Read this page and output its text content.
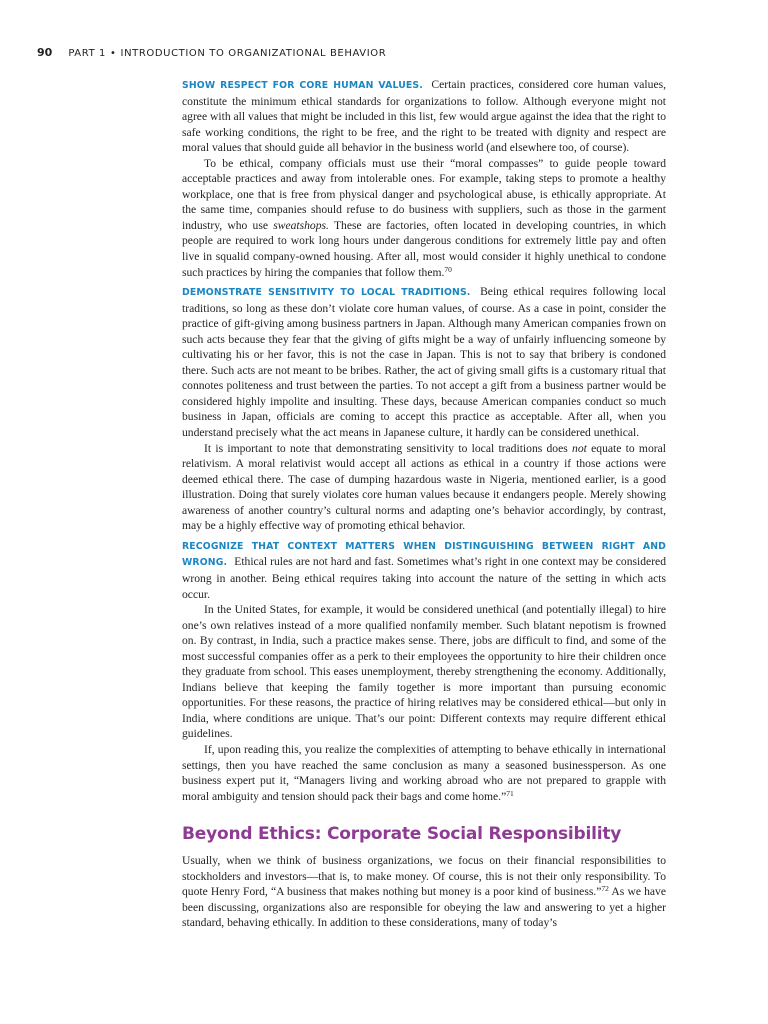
90 PART 1 • INTRODUCTION TO ORGANIZATIONAL BEHAVIOR

SHOW RESPECT FOR CORE HUMAN VALUES. Certain practices, considered core human values, constitute the minimum ethical standards for organizations to follow. Although everyone might not agree with all values that might be included in this list, few would argue against the idea that the right to safe working conditions, the right to be free, and the right to be treated with dignity and respect are moral values that should guide all behavior in the business world (and elsewhere too, of course).

To be ethical, company officials must use their “moral compasses” to guide people toward acceptable practices and away from intolerable ones. For example, taking steps to promote a healthy workplace, one that is free from physical danger and psychological abuse, is ethically appropriate. At the same time, companies should refuse to do business with suppliers, such as those in the garment industry, who use sweatshops. These are factories, often located in developing countries, in which people are required to work long hours under dangerous conditions for extremely little pay and often live in squalid company-owned housing. After all, most would consider it highly unethical to condone such practices by hiring the companies that follow them.$^{70}$

DEMONSTRATE SENSITIVITY TO LOCAL TRADITIONS. Being ethical requires following local traditions, so long as these don’t violate core human values, of course. As a case in point, consider the practice of gift-giving among business partners in Japan. Although many American companies frown on such acts because they fear that the giving of gifts might be a way of unfairly influencing someone by cultivating his or her favor, this is not the case in Japan. This is not to say that bribery is condoned there. Such acts are not meant to be bribes. Rather, the act of giving small gifts is a customary ritual that connotes politeness and trust between the parties. To not accept a gift from a business partner would be considered highly impolite and insulting. These days, because American companies conduct so much business in Japan, officials are coming to accept this practice as acceptable. After all, when you understand precisely what the act means in Japanese culture, it hardly can be considered unethical.

It is important to note that demonstrating sensitivity to local traditions does not equate to moral relativism. A moral relativist would accept all actions as ethical in a country if those actions were deemed ethical there. The case of dumping hazardous waste in Nigeria, mentioned earlier, is a good illustration. Doing that surely violates core human values because it endangers people. Merely showing awareness of another country’s cultural norms and adapting one’s behavior accordingly, by contrast, may be a highly effective way of promoting ethical behavior.

RECOGNIZE THAT CONTEXT MATTERS WHEN DISTINGUISHING BETWEEN RIGHT AND WRONG. Ethical rules are not hard and fast. Sometimes what’s right in one context may be considered wrong in another. Being ethical requires taking into account the nature of the setting in which acts occur.

In the United States, for example, it would be considered unethical (and potentially illegal) to hire one’s own relatives instead of a more qualified nonfamily member. Such blatant nepotism is frowned on. By contrast, in India, such a practice makes sense. There, jobs are difficult to find, and some of the most successful companies offer as a perk to their employees the opportunity to hire their children once they graduate from school. This eases unemployment, thereby strengthening the economy. Additionally, Indians believe that keeping the family together is more important than pursuing economic opportunities. For these reasons, the practice of hiring relatives may be considered ethical—but only in India, where conditions are unique. That’s our point: Different contexts may require different ethical guidelines.

If, upon reading this, you realize the complexities of attempting to behave ethically in international settings, then you have reached the same conclusion as many a seasoned businessperson. As one business expert put it, “Managers living and working abroad who are not prepared to grapple with moral ambiguity and tension should pack their bags and come home.”$^{71}$

Beyond Ethics: Corporate Social Responsibility

Usually, when we think of business organizations, we focus on their financial responsibilities to stockholders and investors—that is, to make money. Of course, this is not their only responsibility. To quote Henry Ford, “A business that makes nothing but money is a poor kind of business.”$^{72}$ As we have been discussing, organizations also are responsible for obeying the law and answering to yet a higher standard, behaving ethically. In addition to these considerations, many of today’s
